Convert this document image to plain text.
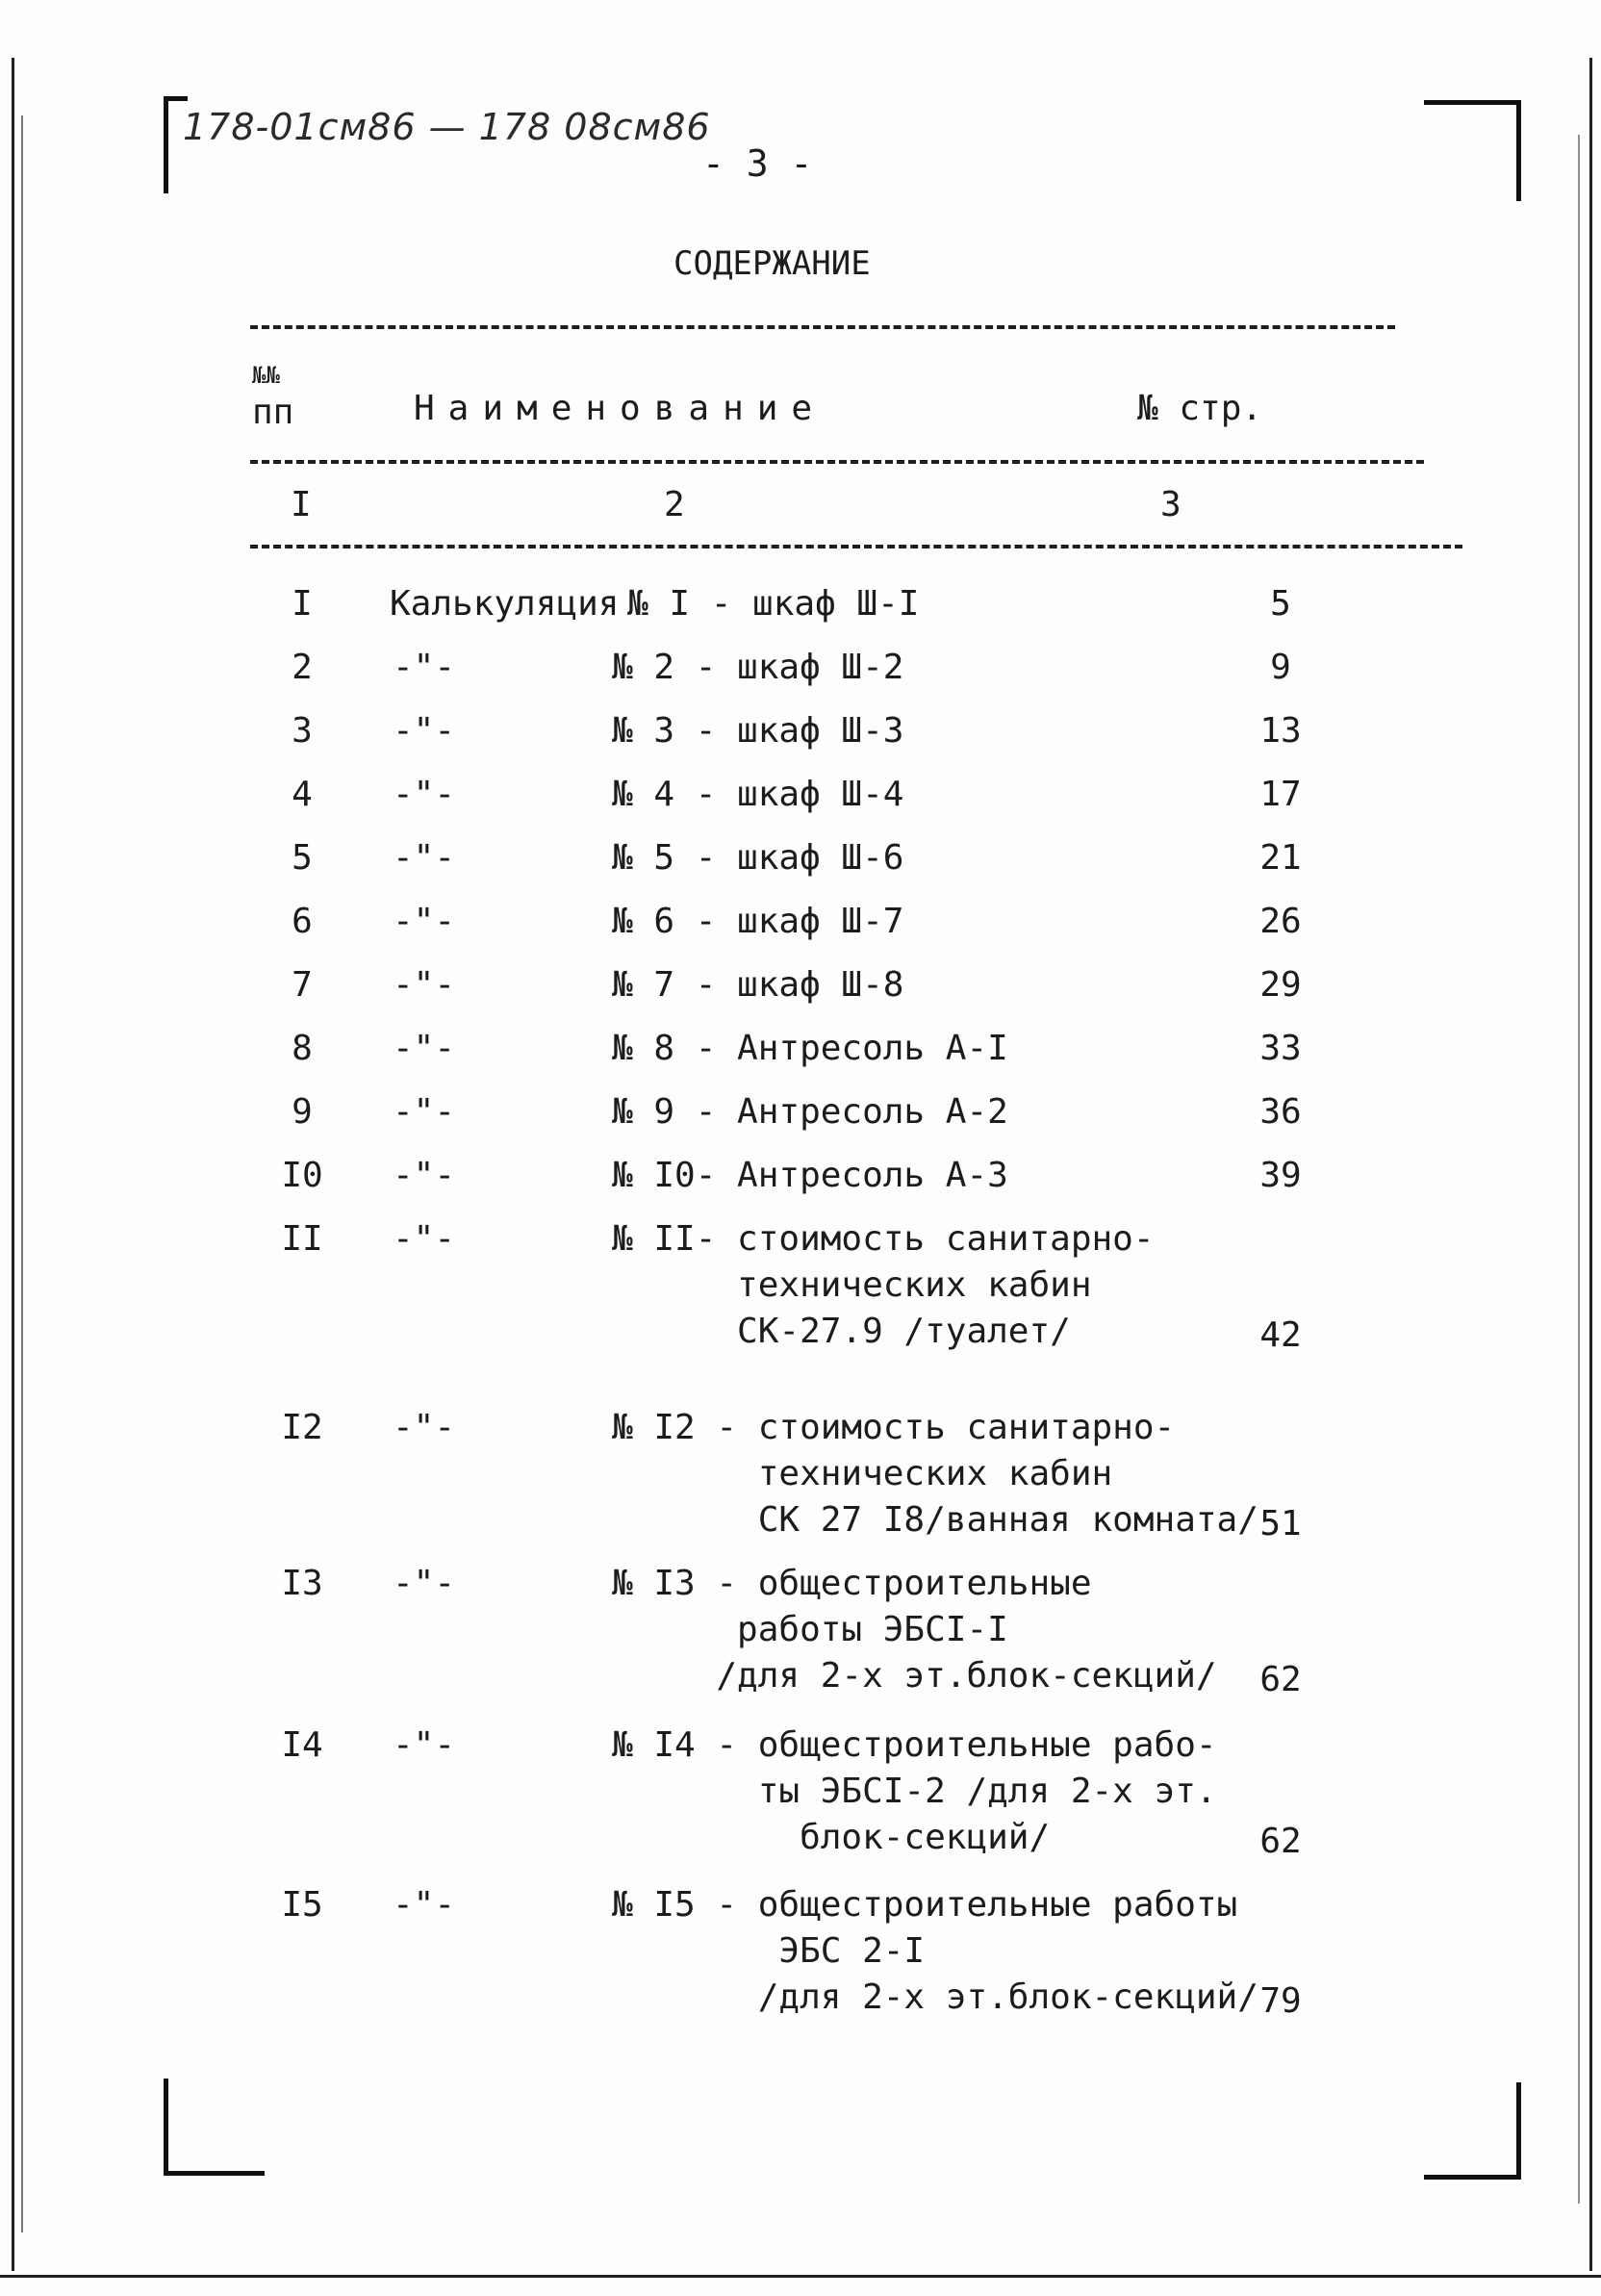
178-01см86 — 178 08см86
- 3 -
СОДЕРЖАНИЕ
№№
пп	Наименование	№ стр.
I	2	3
I	Калькуляция № I - шкаф Ш-I	5
2	-"-	№ 2 - шкаф Ш-2	9
3	-"-	№ 3 - шкаф Ш-3	13
4	-"-	№ 4 - шкаф Ш-4	17
5	-"-	№ 5 - шкаф Ш-6	21
6	-"-	№ 6 - шкаф Ш-7	26
7	-"-	№ 7 - шкаф Ш-8	29
8	-"-	№ 8 - Антресоль А-I	33
9	-"-	№ 9 - Антресоль А-2	36
I0 -"-	№ I0- Антресоль А-3	39
II -"-	№ II- стоимость санитарно-
технических кабин
СК-27.9 /туалет/	42
I2 -"-	№ I2 - стоимость санитарно-
технических кабин
СК 27 I8/ванная комната/ 51
I3 -"-	№ I3 - общестроительные
работы ЭБСI-I
/для 2-х эт.блок-секций/	62
I4 -"-	№ I4 - общестроительные рабо-
ты ЭБСI-2 /для 2-х эт.
блок-секций/	62
I5 -"-	№ I5 - общестроительные работы
ЭБС 2-I
/для 2-х эт.блок-секций/ 79
